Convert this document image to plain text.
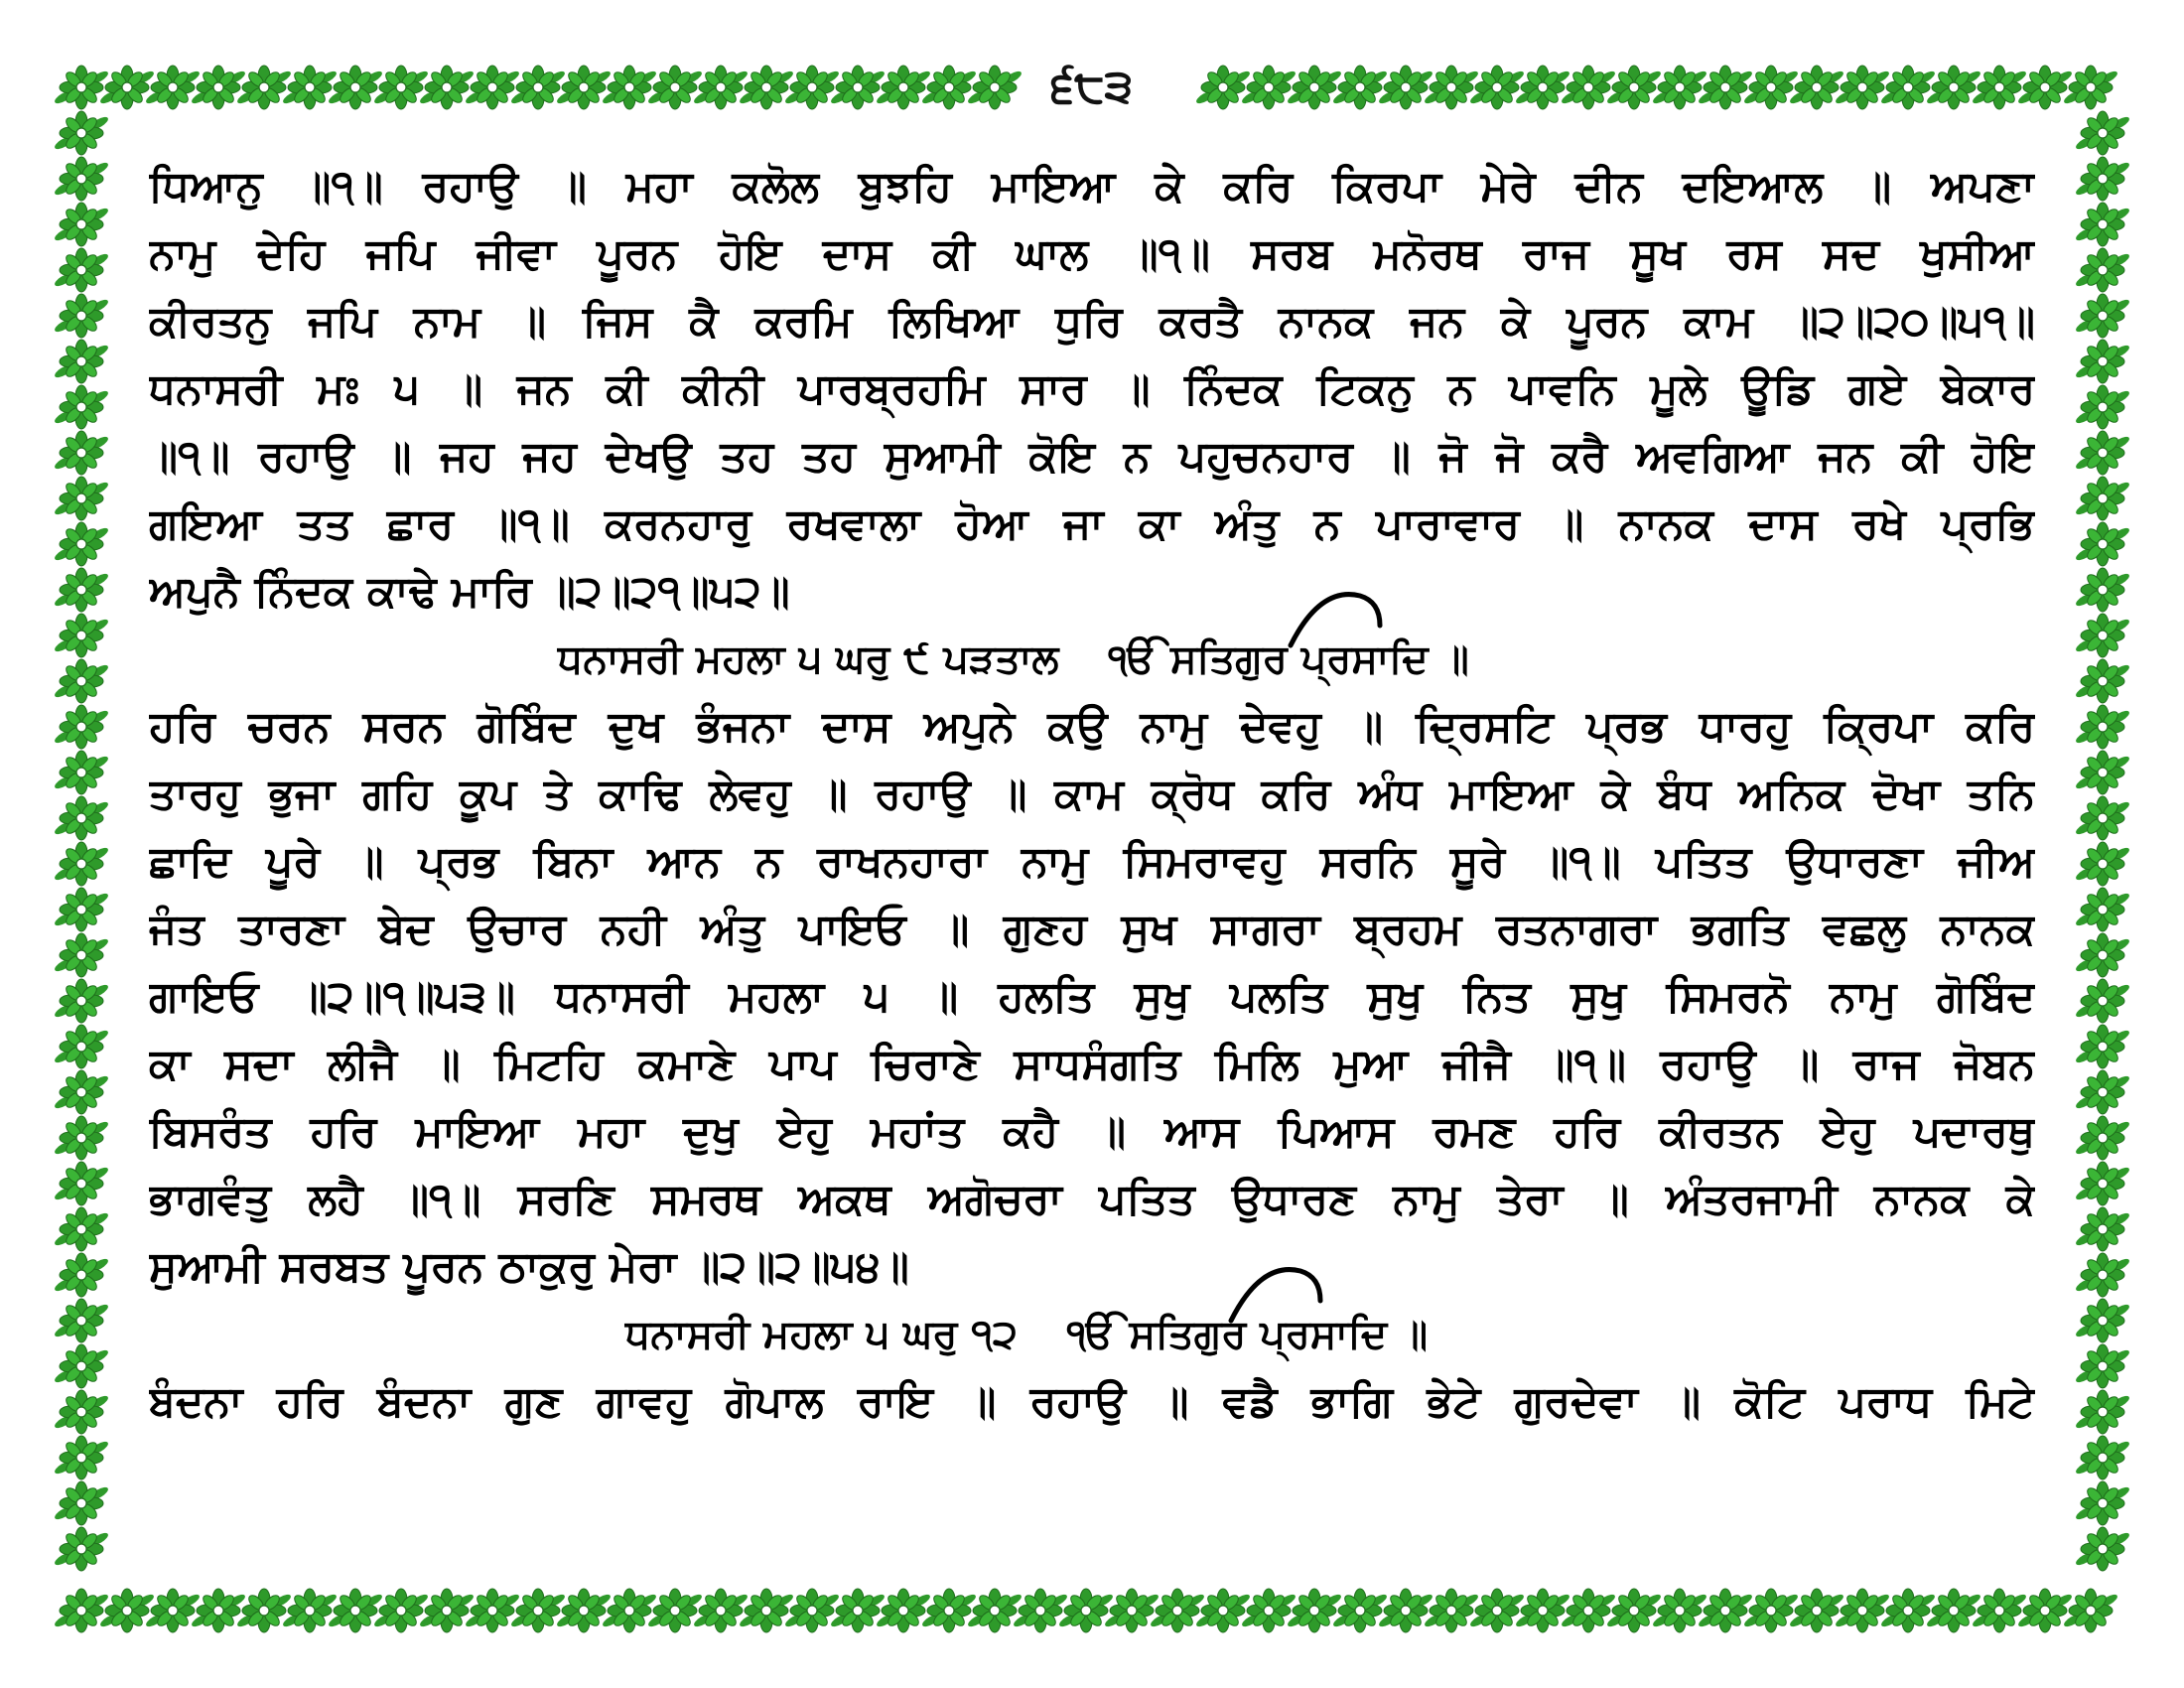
੬੮੩
ਧਿਆਨੁ ॥੧॥ ਰਹਾਉ ॥ ਮਹਾ ਕਲੋਲ ਬੁਝਹਿ ਮਾਇਆ ਕੇ ਕਰਿ ਕਿਰਪਾ ਮੇਰੇ ਦੀਨ ਦਇਆਲ ॥ ਅਪਣਾ
ਨਾਮੁ ਦੇਹਿ ਜਪਿ ਜੀਵਾ ਪੂਰਨ ਹੋਇ ਦਾਸ ਕੀ ਘਾਲ ॥੧॥ ਸਰਬ ਮਨੋਰਥ ਰਾਜ ਸੂਖ ਰਸ ਸਦ ਖੁਸੀਆ
ਕੀਰਤਨੁ ਜਪਿ ਨਾਮ ॥ ਜਿਸ ਕੈ ਕਰਮਿ ਲਿਖਿਆ ਧੁਰਿ ਕਰਤੈ ਨਾਨਕ ਜਨ ਕੇ ਪੂਰਨ ਕਾਮ ॥੨॥੨੦॥੫੧॥
ਧਨਾਸਰੀ ਮਃ ੫ ॥ ਜਨ ਕੀ ਕੀਨੀ ਪਾਰਬ੍ਰਹਮਿ ਸਾਰ ॥ ਨਿੰਦਕ ਟਿਕਨੁ ਨ ਪਾਵਨਿ ਮੂਲੇ ਊਡਿ ਗਏ ਬੇਕਾਰ
॥੧॥ ਰਹਾਉ ॥ ਜਹ ਜਹ ਦੇਖਉ ਤਹ ਤਹ ਸੁਆਮੀ ਕੋਇ ਨ ਪਹੁਚਨਹਾਰ ॥ ਜੋ ਜੋ ਕਰੈ ਅਵਗਿਆ ਜਨ ਕੀ ਹੋਇ
ਗਇਆ ਤਤ ਛਾਰ ॥੧॥ ਕਰਨਹਾਰੁ ਰਖਵਾਲਾ ਹੋਆ ਜਾ ਕਾ ਅੰਤੁ ਨ ਪਾਰਾਵਾਰ ॥ ਨਾਨਕ ਦਾਸ ਰਖੇ ਪ੍ਰਭਿ
ਅਪੁਨੈ ਨਿੰਦਕ ਕਾਢੇ ਮਾਰਿ ॥੨॥੨੧॥੫੨॥
ਧਨਾਸਰੀ ਮਹਲਾ ੫ ਘਰੁ ੯ ਪੜਤਾਲ ੴ ਸਤਿਗੁਰ ਪ੍ਰਸਾਦਿ ॥
ਹਰਿ ਚਰਨ ਸਰਨ ਗੋਬਿੰਦ ਦੁਖ ਭੰਜਨਾ ਦਾਸ ਅਪੁਨੇ ਕਉ ਨਾਮੁ ਦੇਵਹੁ ॥ ਦ੍ਰਿਸਟਿ ਪ੍ਰਭ ਧਾਰਹੁ ਕ੍ਰਿਪਾ ਕਰਿ
ਤਾਰਹੁ ਭੁਜਾ ਗਹਿ ਕੂਪ ਤੇ ਕਾਢਿ ਲੇਵਹੁ ॥ ਰਹਾਉ ॥ ਕਾਮ ਕ੍ਰੋਧ ਕਰਿ ਅੰਧ ਮਾਇਆ ਕੇ ਬੰਧ ਅਨਿਕ ਦੋਖਾ ਤਨਿ
ਛਾਦਿ ਪੂਰੇ ॥ ਪ੍ਰਭ ਬਿਨਾ ਆਨ ਨ ਰਾਖਨਹਾਰਾ ਨਾਮੁ ਸਿਮਰਾਵਹੁ ਸਰਨਿ ਸੂਰੇ ॥੧॥ ਪਤਿਤ ਉਧਾਰਣਾ ਜੀਅ
ਜੰਤ ਤਾਰਣਾ ਬੇਦ ਉਚਾਰ ਨਹੀ ਅੰਤੁ ਪਾਇਓ ॥ ਗੁਣਹ ਸੁਖ ਸਾਗਰਾ ਬ੍ਰਹਮ ਰਤਨਾਗਰਾ ਭਗਤਿ ਵਛਲੁ ਨਾਨਕ
ਗਾਇਓ ॥੨॥੧॥੫੩॥ ਧਨਾਸਰੀ ਮਹਲਾ ੫ ॥ ਹਲਤਿ ਸੁਖੁ ਪਲਤਿ ਸੁਖੁ ਨਿਤ ਸੁਖੁ ਸਿਮਰਨੋ ਨਾਮੁ ਗੋਬਿੰਦ
ਕਾ ਸਦਾ ਲੀਜੈ ॥ ਮਿਟਹਿ ਕਮਾਣੇ ਪਾਪ ਚਿਰਾਣੇ ਸਾਧਸੰਗਤਿ ਮਿਲਿ ਮੁਆ ਜੀਜੈ ॥੧॥ ਰਹਾਉ ॥ ਰਾਜ ਜੋਬਨ
ਬਿਸਰੰਤ ਹਰਿ ਮਾਇਆ ਮਹਾ ਦੁਖੁ ਏਹੁ ਮਹਾਂਤ ਕਹੈ ॥ ਆਸ ਪਿਆਸ ਰਮਣ ਹਰਿ ਕੀਰਤਨ ਏਹੁ ਪਦਾਰਥੁ
ਭਾਗਵੰਤੁ ਲਹੈ ॥੧॥ ਸਰਣਿ ਸਮਰਥ ਅਕਥ ਅਗੋਚਰਾ ਪਤਿਤ ਉਧਾਰਣ ਨਾਮੁ ਤੇਰਾ ॥ ਅੰਤਰਜਾਮੀ ਨਾਨਕ ਕੇ
ਸੁਆਮੀ ਸਰਬਤ ਪੂਰਨ ਠਾਕੁਰੁ ਮੇਰਾ ॥੨॥੨॥੫੪॥
ਧਨਾਸਰੀ ਮਹਲਾ ੫ ਘਰੁ ੧੨ ੴ ਸਤਿਗੁਰ ਪ੍ਰਸਾਦਿ ॥
ਬੰਦਨਾ ਹਰਿ ਬੰਦਨਾ ਗੁਣ ਗਾਵਹੁ ਗੋਪਾਲ ਰਾਇ ॥ ਰਹਾਉ ॥ ਵਡੈ ਭਾਗਿ ਭੇਟੇ ਗੁਰਦੇਵਾ ॥ ਕੋਟਿ ਪਰਾਧ ਮਿਟੇ
